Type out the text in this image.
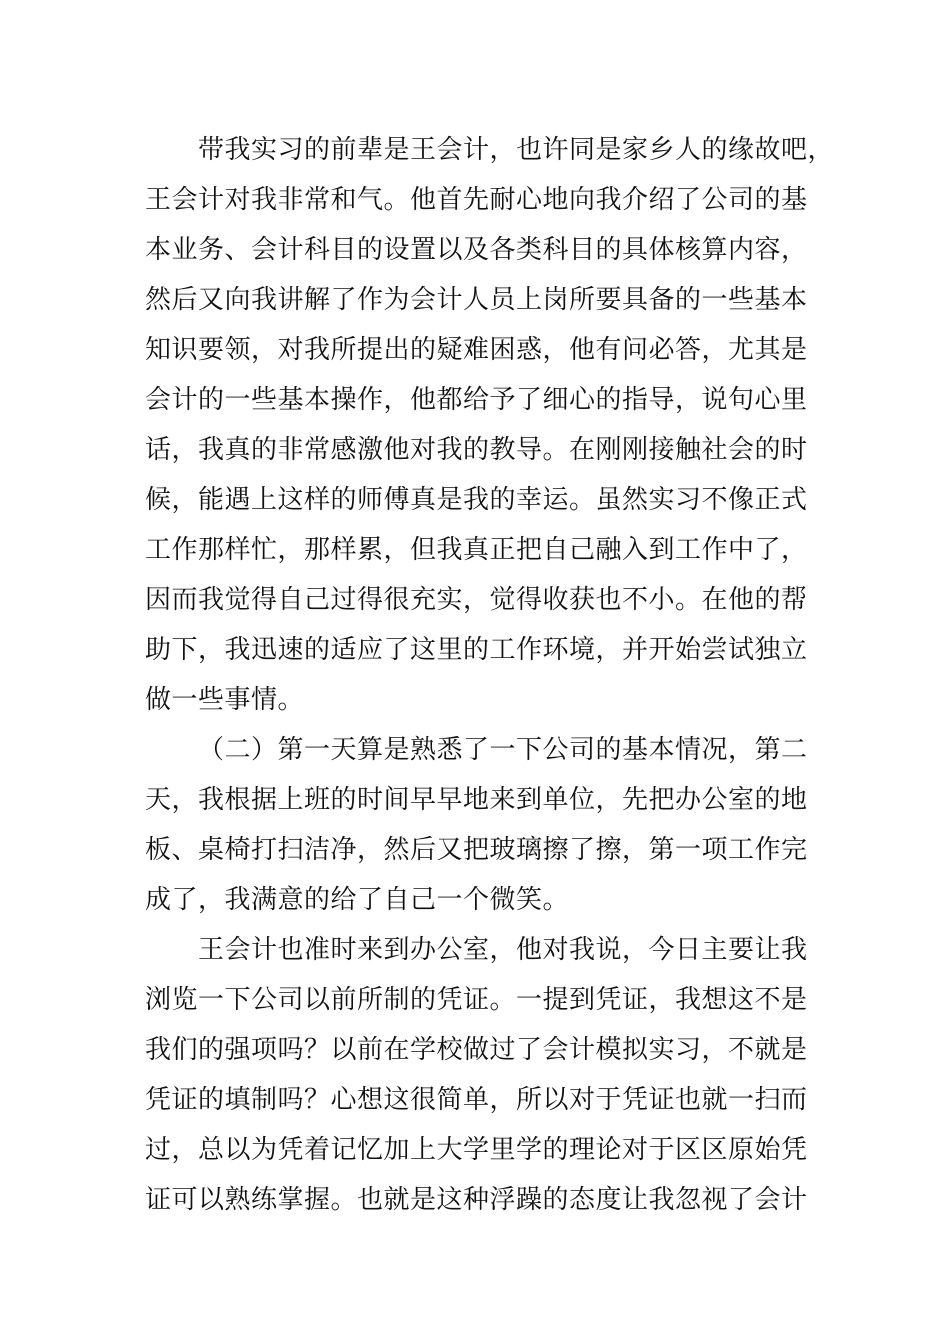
带我实习的前辈是王会计，也许同是家乡人的缘故吧，
王会计对我非常和气。他首先耐心地向我介绍了公司的基
本业务、会计科目的设置以及各类科目的具体核算内容，
然后又向我讲解了作为会计人员上岗所要具备的一些基本
知识要领，对我所提出的疑难困惑，他有问必答，尤其是
会计的一些基本操作，他都给予了细心的指导，说句心里
话，我真的非常感激他对我的教导。在刚刚接触社会的时
候，能遇上这样的师傅真是我的幸运。虽然实习不像正式
工作那样忙，那样累，但我真正把自己融入到工作中了，
因而我觉得自己过得很充实，觉得收获也不小。在他的帮
助下，我迅速的适应了这里的工作环境，并开始尝试独立
做一些事情。
（二）第一天算是熟悉了一下公司的基本情况，第二
天，我根据上班的时间早早地来到单位，先把办公室的地
板、桌椅打扫洁净，然后又把玻璃擦了擦，第一项工作完
成了，我满意的给了自己一个微笑。
王会计也准时来到办公室，他对我说，今日主要让我
浏览一下公司以前所制的凭证。一提到凭证，我想这不是
我们的强项吗？以前在学校做过了会计模拟实习，不就是
凭证的填制吗？心想这很简单，所以对于凭证也就一扫而
过，总以为凭着记忆加上大学里学的理论对于区区原始凭
证可以熟练掌握。也就是这种浮躁的态度让我忽视了会计
